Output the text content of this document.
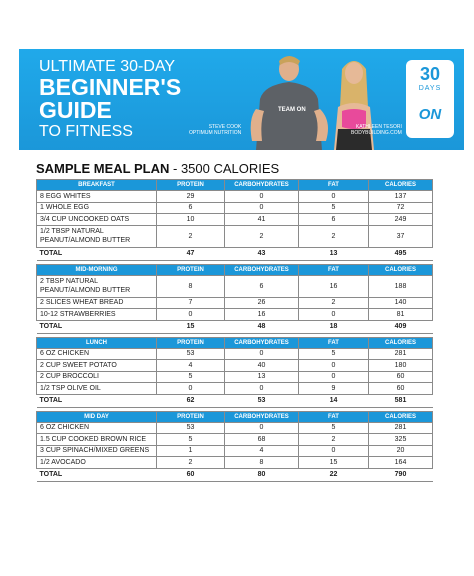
ULTIMATE 30-DAY
BEGINNER'S
GUIDE
TO FITNESS
TEAM ON
STEVE COOK
OPTIMUM NUTRITION
KATHLEEN TESORI
BODYBUILDING.COM
30
DAYS
ON
SAMPLE MEAL PLAN - 3500 CALORIES
BREAKFAST	PROTEIN	CARBOHYDRATES	FAT	CALORIES
8 EGG WHITES	29	0	0	137
1 WHOLE EGG	6	0	5	72
3/4 CUP UNCOOKED OATS	10	41	6	249
1/2 TBSP NATURAL PEANUT/ALMOND BUTTER	2	2	2	37
TOTAL	47	43	13	495

MID-MORNING	PROTEIN	CARBOHYDRATES	FAT	CALORIES
2 TBSP NATURAL PEANUT/ALMOND BUTTER	8	6	16	188
2 SLICES WHEAT BREAD	7	26	2	140
10-12 STRAWBERRIES	0	16	0	81
TOTAL	15	48	18	409

LUNCH	PROTEIN	CARBOHYDRATES	FAT	CALORIES
6 OZ CHICKEN	53	0	5	281
2 CUP SWEET POTATO	4	40	0	180
2 CUP BROCCOLI	5	13	0	60
1/2 TSP OLIVE OIL	0	0	9	60
TOTAL	62	53	14	581

MID DAY	PROTEIN	CARBOHYDRATES	FAT	CALORIES
6 OZ CHICKEN	53	0	5	281
1.5 CUP COOKED BROWN RICE	5	68	2	325
3 CUP SPINACH/MIXED GREENS	1	4	0	20
1/2 AVOCADO	2	8	15	164
TOTAL	60	80	22	790
